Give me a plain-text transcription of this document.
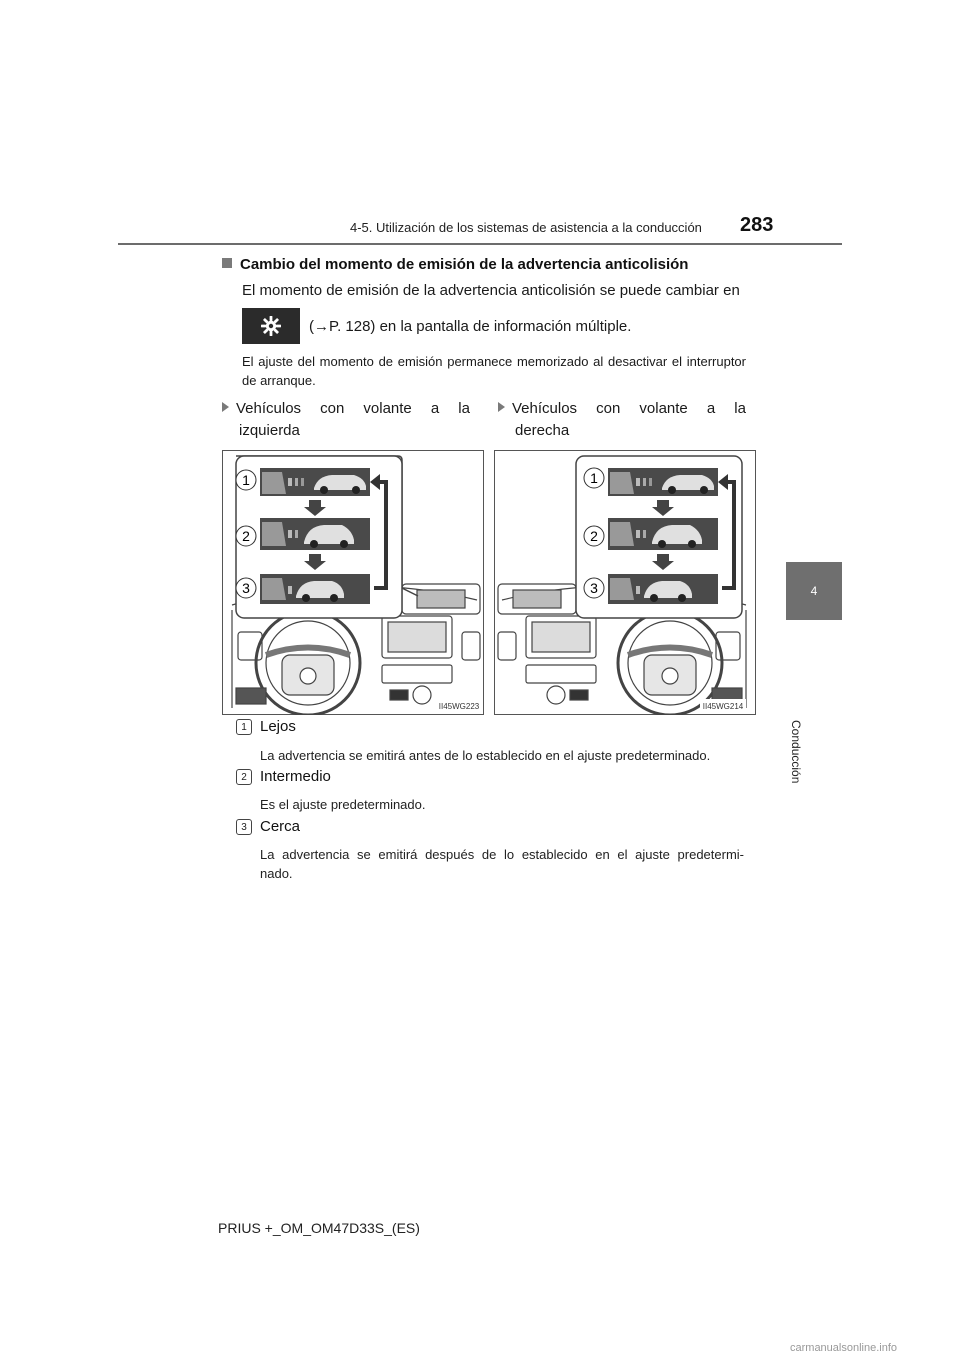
4-5. Utilización de los sistemas de asistencia a la conducción 283
4
Conducción
Cambio del momento de emisión de la advertencia anticolisión
El momento de emisión de la advertencia anticolisión se puede cambiar en
(→P. 128) en la pantalla de información múltiple.
El ajuste del momento de emisión permanece memorizado al desactivar el interruptor de arranque.
Vehículos con volante a la
izquierda
Vehículos con volante a la
derecha
1
2
3
II45WG223
1
2
3
II45WG214
1 Lejos
La advertencia se emitirá antes de lo establecido en el ajuste predeterminado.
2 Intermedio
Es el ajuste predeterminado.
3 Cerca
La advertencia se emitirá después de lo establecido en el ajuste predetermi-
nado.
PRIUS +_OM_OM47D33S_(ES)
carmanualsonline.info
